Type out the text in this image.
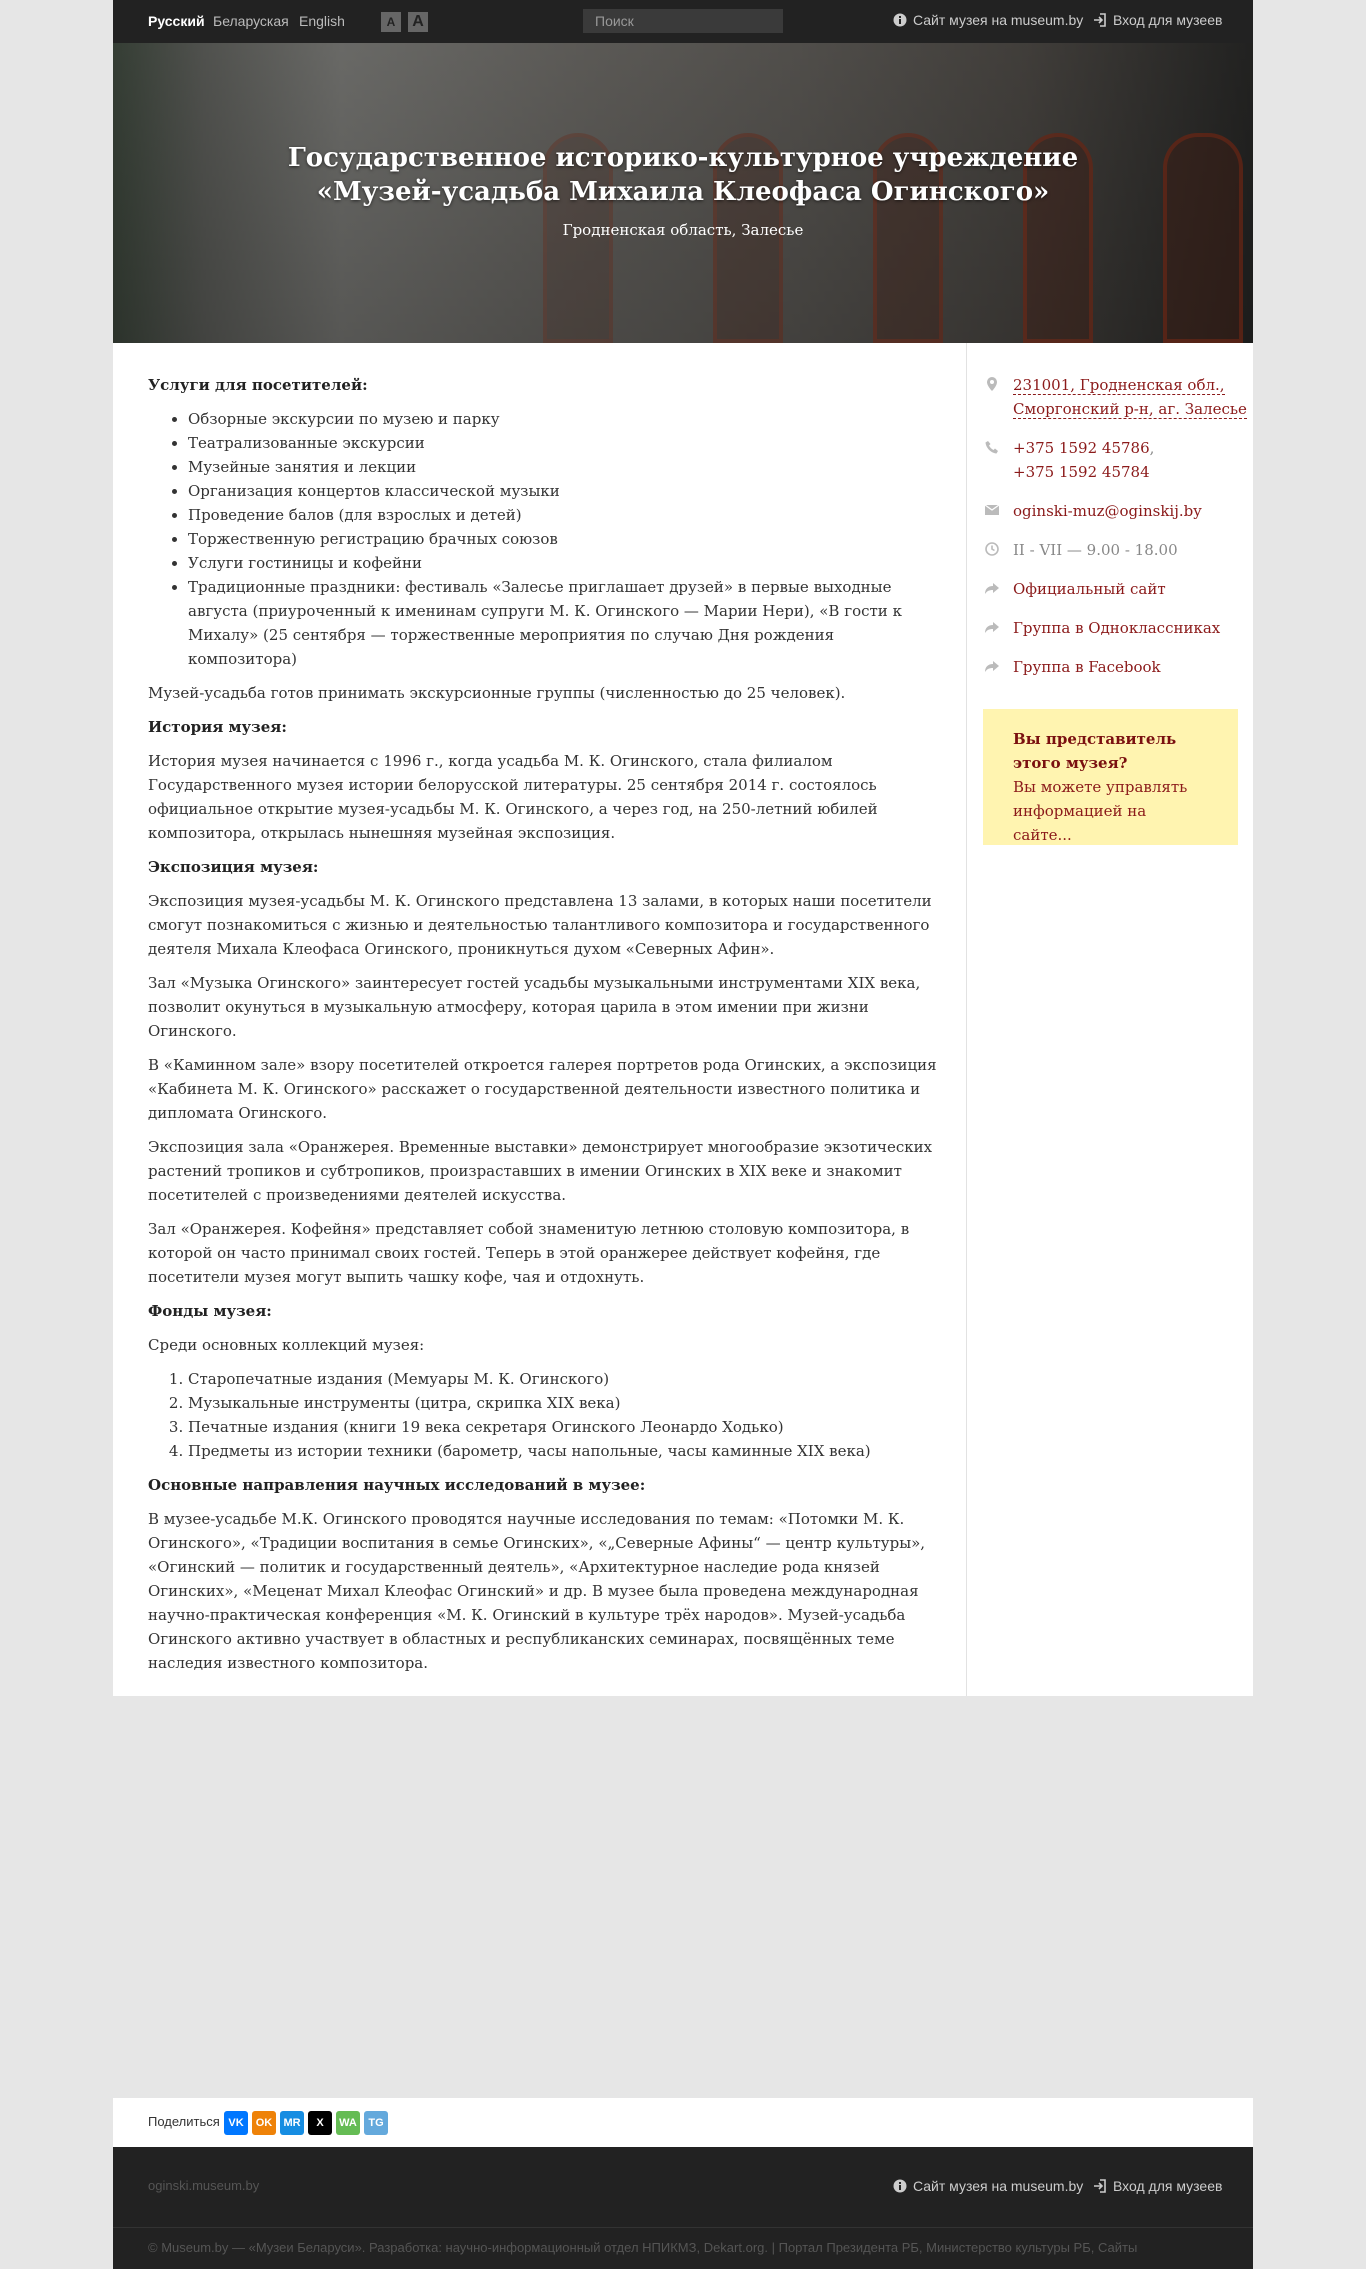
Русский Беларуская English	A	A
Поиск	Сайт музея на museum.by	Вход для музеев
Государственное историко-культурное учреждение
«Музей-усадьба Михаила Клеофаса Огинского»
Гродненская область, Залесье
Услуги для посетителей:
• Обзорные экскурсии по музею и парку
• Театрализованные экскурсии
• Музейные занятия и лекции
• Организация концертов классической музыки
• Проведение балов (для взрослых и детей)
• Торжественную регистрацию брачных союзов
• Услуги гостиницы и кофейни
• Традиционные праздники: фестиваль «Залесье приглашает друзей» в первые выходные августа (приуроченный к именинам супруги М. К. Огинского — Марии Нери), «В гости к Михалу» (25 сентября — торжественные мероприятия по случаю Дня рождения композитора)

Музей-усадьба готов принимать экскурсионные группы (численностью до 25 человек).

История музея:

История музея начинается с 1996 г., когда усадьба М. К. Огинского, стала филиалом Государственного музея истории белорусской литературы. 25 сентября 2014 г. состоялось официальное открытие музея-усадьбы М. К. Огинского, а через год, на 250-летний юбилей композитора, открылась нынешняя музейная экспозиция.

Экспозиция музея:

Экспозиция музея-усадьбы М. К. Огинского представлена 13 залами, в которых наши посетители смогут познакомиться с жизнью и деятельностью талантливого композитора и государственного деятеля Михала Клеофаса Огинского, проникнуться духом «Северных Афин».

Зал «Музыка Огинского» заинтересует гостей усадьбы музыкальными инструментами XIX века, позволит окунуться в музыкальную атмосферу, которая царила в этом имении при жизни Огинского.

В «Каминном зале» взору посетителей откроется галерея портретов рода Огинских, а экспозиция «Кабинета М. К. Огинского» расскажет о государственной деятельности известного политика и дипломата Огинского.

Экспозиция зала «Оранжерея. Временные выставки» демонстрирует многообразие экзотических растений тропиков и субтропиков, произраставших в имении Огинских в XIX веке и знакомит посетителей с произведениями деятелей искусства.

Зал «Оранжерея. Кофейня» представляет собой знаменитую летнюю столовую композитора, в которой он часто принимал своих гостей. Теперь в этой оранжерее действует кофейня, где посетители музея могут выпить чашку кофе, чая и отдохнуть.

Фонды музея:

Среди основных коллекций музея:

1. Старопечатные издания (Мемуары М. К. Огинского)
2. Музыкальные инструменты (цитра, скрипка XIX века)
3. Печатные издания (книги 19 века секретаря Огинского Леонардо Ходько)
4. Предметы из истории техники (барометр, часы напольные, часы каминные XIX века)
Основные направления научных исследований в музее:

В музее-усадьбе М.К. Огинского проводятся научные исследования по темам: «Потомки М. К. Огинского», «Традиции воспитания в семье Огинских», «„Северные Афины“ — центр культуры», «Огинский — политик и государственный деятель», «Архитектурное наследие рода князей Огинских», «Меценат Михал Клеофас Огинский» и др. В музее была проведена международная научно-практическая конференция «М. К. Огинский в культуре трёх народов». Музей-усадьба Огинского активно участвует в областных и республиканских семинарах, посвящённых теме наследия известного композитора.

231001, Гродненская обл.,
Сморгонский р-н, аг. Залесье
+375 1592 45786,
+375 1592 45784
oginski-muz@oginskij.by
II - VII — 9.00 - 18.00
Официальный сайт
Группа в Одноклассниках
Группа в Facebook
Вы представитель
этого музея?
Вы можете управлять
информацией на сайте...
Поделиться VK	OK	MR	X	WA	TG
oginski.museum.by	Сайт музея на museum.by	Вход для музеев
© Museum.by — «Музеи Беларуси». Разработка: научно-информационный отдел НПИКМЗ, Dekart.org. | Портал Президента РБ, Министерство культуры РБ, Сайты
